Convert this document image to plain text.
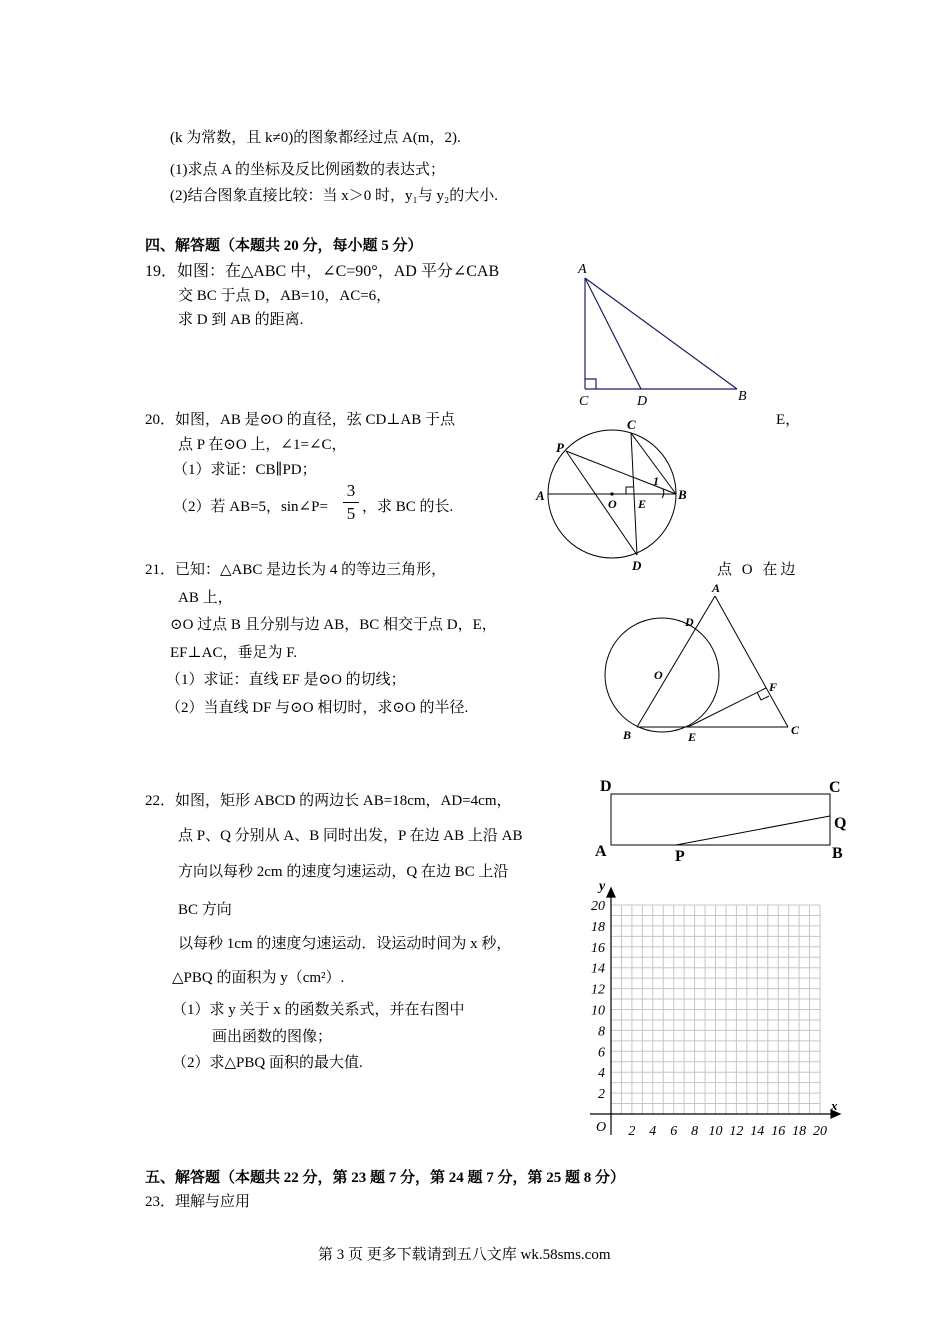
(k 为常数，且 k≠0)的图象都经过点 A(m，2).
(1)求点 A 的坐标及反比例函数的表达式；
(2)结合图象直接比较：当 x＞0 时，y₁与 y₂的大小.
四、解答题（本题共 20 分，每小题 5 分）
19．如图：在△ABC 中，∠C=90°，AD 平分∠CAB
交 BC 于点 D，AB=10，AC=6，
求 D 到 AB 的距离.
A
C	D	B
20．如图，AB 是⊙O 的直径，弦 CD⊥AB 于点	E，
点 P 在⊙O 上，∠1=∠C，
（1）求证：CB∥PD；
（2）若 AB=5，sin∠P=
3
5 ，求 BC 的长.
A	B
C
D
P
O E
1
21．已知：△ABC 是边长为 4 的等边三角形，	点 O 在边
AB 上，
⊙O 过点 B 且分别与边 AB，BC 相交于点 D，E，
EF⊥AC，垂足为 F.
（1）求证：直线 EF 是⊙O 的切线；
（2）当直线 DF 与⊙O 相切时，求⊙O 的半径.
A
D
O
F
B	E	C
22．如图，矩形 ABCD 的两边长 AB=18cm，AD=4cm，
点 P、Q 分别从 A、B 同时出发，P 在边 AB 上沿 AB
方向以每秒 2cm 的速度匀速运动，Q 在边 BC 上沿
BC 方向
以每秒 1cm 的速度匀速运动．设运动时间为 x 秒，
△PBQ 的面积为 y（cm²）.
（1）求 y 关于 x 的函数关系式，并在右图中
画出函数的图像；
（2）求△PBQ 面积的最大值.
D	C
Q
A	P	B
2 4 6 8 10 12 14 16 18 20
2
4
6
8
10
12
14
16
18
20
x
y
O
五、解答题（本题共 22 分，第 23 题 7 分，第 24 题 7 分，第 25 题 8 分）
23．理解与应用
第 3 页 更多下载请到五八文库 wk.58sms.com
